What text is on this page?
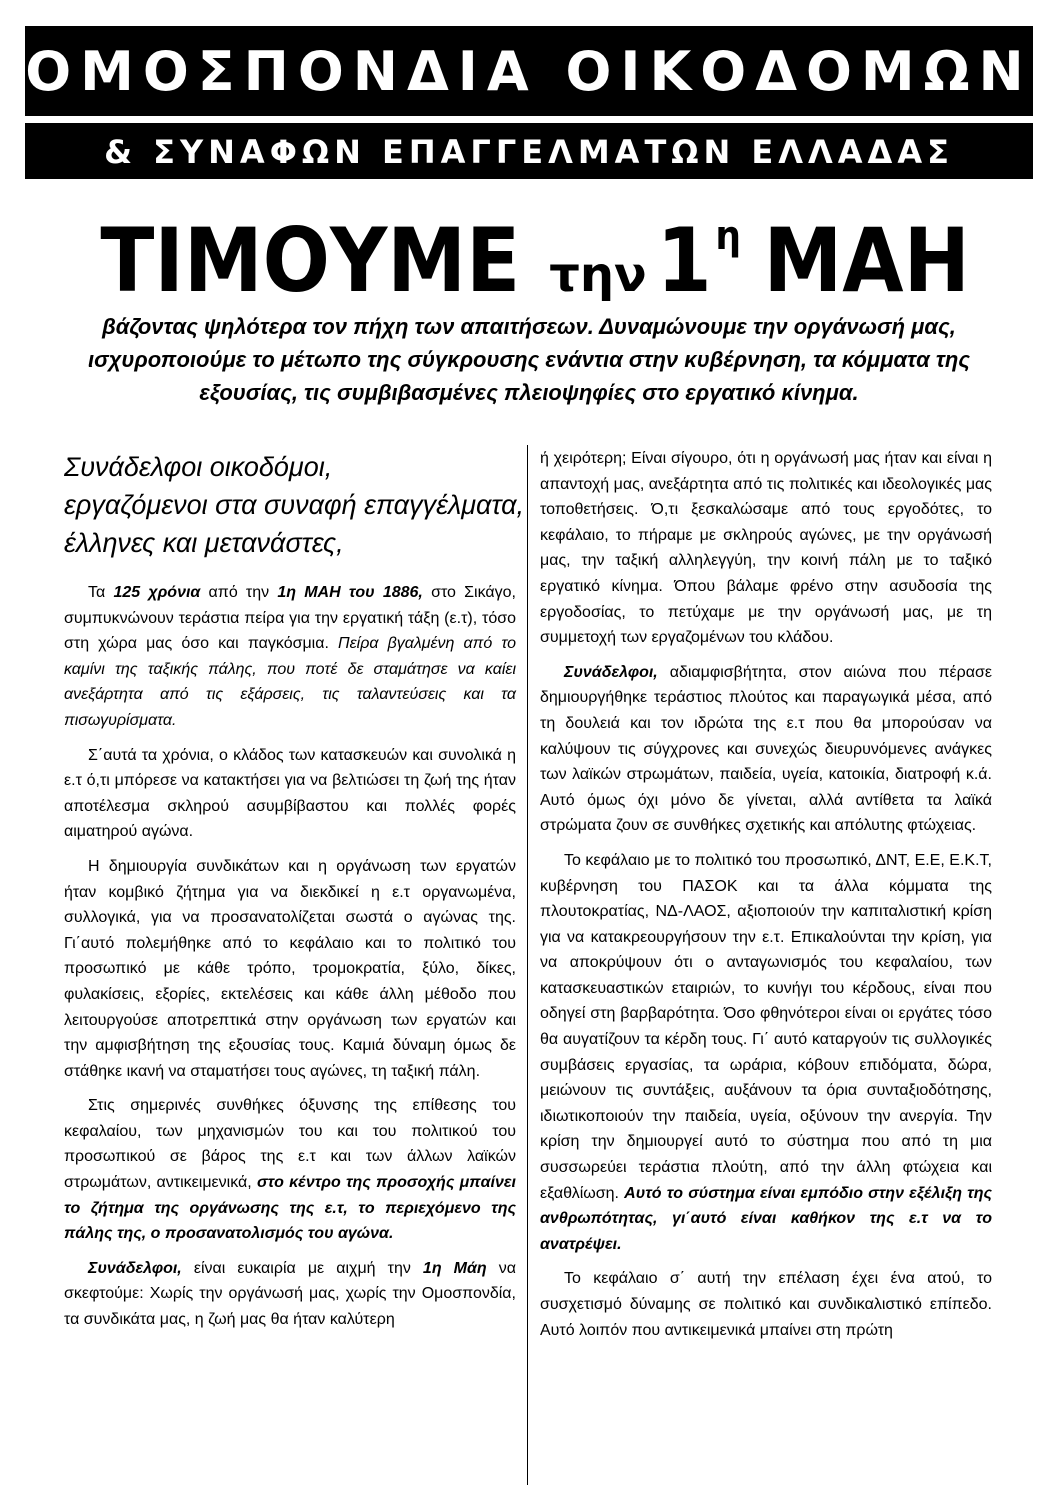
ΟΜΟΣΠΟΝΔΙΑ ΟΙΚΟΔΟΜΩΝ
& ΣΥΝΑΦΩΝ ΕΠΑΓΓΕΛΜΑΤΩΝ ΕΛΛΑΔΑΣ
ΤΙΜΟΥΜΕ την $1^\eta$ ΜΑΗ
βάζοντας ψηλότερα τον πήχη των απαιτήσεων. Δυναμώνουμε την οργάνωσή μας, ισχυροποιούμε το μέτωπο της σύγκρουσης ενάντια στην κυβέρνηση, τα κόμματα της εξουσίας, τις συμβιβασμένες πλειοψηφίες στο εργατικό κίνημα.
Συνάδελφοι οικοδόμοι,
εργαζόμενοι στα συναφή επαγγέλματα,
έλληνες και μετανάστες,

Τα 125 χρόνια από την 1η ΜΑΗ του 1886, στο Σικάγο, συμπυκνώνουν τεράστια πείρα για την εργατική τάξη (ε.τ), τόσο στη χώρα μας όσο και παγκόσμια. Πείρα βγαλμένη από το καμίνι της ταξικής πάλης, που ποτέ δε σταμάτησε να καίει ανεξάρτητα από τις εξάρσεις, τις ταλαντεύσεις και τα πισωγυρίσματα.

Σ΄αυτά τα χρόνια, ο κλάδος των κατασκευών και συνολικά η ε.τ ό,τι μπόρεσε να κατακτήσει για να βελτιώσει τη ζωή της ήταν αποτέλεσμα σκληρού ασυμβίβαστου και πολλές φορές αιματηρού αγώνα.

Η δημιουργία συνδικάτων και η οργάνωση των εργατών ήταν κομβικό ζήτημα για να διεκδικεί η ε.τ οργανωμένα, συλλογικά, για να προσανατολίζεται σωστά ο αγώνας της. Γι΄αυτό πολεμήθηκε από το κεφάλαιο και το πολιτικό του προσωπικό με κάθε τρόπο, τρομοκρατία, ξύλο, δίκες, φυλακίσεις, εξορίες, εκτελέσεις και κάθε άλλη μέθοδο που λειτουργούσε αποτρεπτικά στην οργάνωση των εργατών και την αμφισβήτηση της εξουσίας τους. Καμιά δύναμη όμως δε στάθηκε ικανή να σταματήσει τους αγώνες, τη ταξική πάλη.

Στις σημερινές συνθήκες όξυνσης της επίθεσης του κεφαλαίου, των μηχανισμών του και του πολιτικού του προσωπικού σε βάρος της ε.τ και των άλλων λαϊκών στρωμάτων, αντικειμενικά, στο κέντρο της προσοχής μπαίνει το ζήτημα της οργάνωσης της ε.τ, το περιεχόμενο της πάλης της, ο προσανατολισμός του αγώνα.

Συνάδελφοι, είναι ευκαιρία με αιχμή την 1η Μάη να σκεφτούμε: Χωρίς την οργάνωσή μας, χωρίς την Ομοσπονδία, τα συνδικάτα μας, η ζωή μας θα ήταν καλύτερη

ή χειρότερη; Είναι σίγουρο, ότι η οργάνωσή μας ήταν και είναι η απαντοχή μας, ανεξάρτητα από τις πολιτικές και ιδεολογικές μας τοποθετήσεις. Ό,τι ξεσκαλώσαμε από τους εργοδότες, το κεφάλαιο, το πήραμε με σκληρούς αγώνες, με την οργάνωσή μας, την ταξική αλληλεγγύη, την κοινή πάλη με το ταξικό εργατικό κίνημα. Όπου βάλαμε φρένο στην ασυδοσία της εργοδοσίας, το πετύχαμε με την οργάνωσή μας, με τη συμμετοχή των εργαζομένων του κλάδου.

Συνάδελφοι, αδιαμφισβήτητα, στον αιώνα που πέρασε δημιουργήθηκε τεράστιος πλούτος και παραγωγικά μέσα, από τη δουλειά και τον ιδρώτα της ε.τ που θα μπορούσαν να καλύψουν τις σύγχρονες και συνεχώς διευρυνόμενες ανάγκες των λαϊκών στρωμάτων, παιδεία, υγεία, κατοικία, διατροφή κ.ά. Αυτό όμως όχι μόνο δε γίνεται, αλλά αντίθετα τα λαϊκά στρώματα ζουν σε συνθήκες σχετικής και απόλυτης φτώχειας.

Το κεφάλαιο με το πολιτικό του προσωπικό, ΔΝΤ, Ε.Ε, Ε.Κ.Τ, κυβέρνηση του ΠΑΣΟΚ και τα άλλα κόμματα της πλουτοκρατίας, ΝΔ-ΛΑΟΣ, αξιοποιούν την καπιταλιστική κρίση για να κατακρεουργήσουν την ε.τ. Επικαλούνται την κρίση, για να αποκρύψουν ότι ο ανταγωνισμός του κεφαλαίου, των κατασκευαστικών εταιριών, το κυνήγι του κέρδους, είναι που οδηγεί στη βαρβαρότητα. Όσο φθηνότεροι είναι οι εργάτες τόσο θα αυγατίζουν τα κέρδη τους. Γι΄ αυτό καταργούν τις συλλογικές συμβάσεις εργασίας, τα ωράρια, κόβουν επιδόματα, δώρα, μειώνουν τις συντάξεις, αυξάνουν τα όρια συνταξιοδότησης, ιδιωτικοποιούν την παιδεία, υγεία, οξύνουν την ανεργία. Την κρίση την δημιουργεί αυτό το σύστημα που από τη μια συσσωρεύει τεράστια πλούτη, από την άλλη φτώχεια και εξαθλίωση. Αυτό το σύστημα είναι εμπόδιο στην εξέλιξη της ανθρωπότητας, γι΄αυτό είναι καθήκον της ε.τ να το ανατρέψει.

Το κεφάλαιο σ΄ αυτή την επέλαση έχει ένα ατού, το συσχετισμό δύναμης σε πολιτικό και συνδικαλιστικό επίπεδο. Αυτό λοιπόν που αντικειμενικά μπαίνει στη πρώτη
